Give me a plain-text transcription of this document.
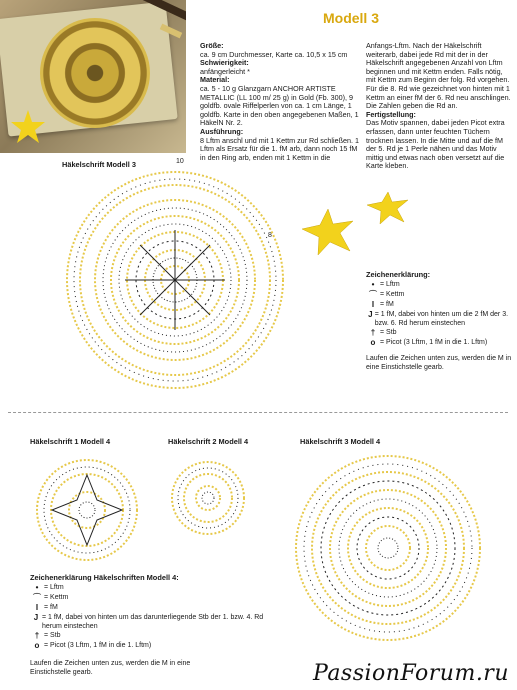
Modell 3

Größe:

ca. 9 cm Durchmesser, Karte ca. 10,5 x 15 cm

Schwierigkeit:

anfängerleicht *

Material:

ca. 5 - 10 g Glanzgarn ANCHOR ARTISTE METALLIC (LL 100 m/ 25 g) in Gold (Fb. 300), 9 goldfb. ovale Riffelperlen von ca. 1 cm Länge, 1 goldfb. Karte in den oben angegebenen Maßen, 1 HäkelN Nr. 2.

Ausführung:

8 Lftm anschl und mit 1 Kettm zur Rd schließen. 1 Lftm als Ersatz für die 1. fM arb, dann noch 15 fM in den Ring arb, enden mit 1 Kettm in die

Anfangs-Lftm. Nach der Häkelschrift weiterarb, dabei jede Rd mit der in der Häkelschrift angegebenen Anzahl von Lftm beginnen und mit Kettm enden. Falls nötig, mit Kettm zum Beginn der folg. Rd vorgehen. Für die 8. Rd wie gezeichnet von hinten mit 1 Kettm an einer fM der 6. Rd neu anschlingen. Die Zahlen geben die Rd an.

Fertigstellung:

Das Motiv spannen, dabei jeden Picot extra erfassen, dann unter feuchten Tüchern trocknen lassen. In die Mitte und auf die fM der 5. Rd je 1 Perle nähen und das Motiv mittig und etwas nach oben versetzt auf die Karte kleben.

Häkelschrift Modell 3	10
8
Zeichenerklärung:
• = Lftm
⌒ = Kettm
I = fM
J = 1 fM, dabei von hinten um die 2 fM der 3. bzw. 6. Rd herum einstechen
† = Stb
o = Picot (3 Lftm, 1 fM in die 1. Lftm)
Laufen die Zeichen unten zus, werden die M in eine Einstichstelle gearb.
Häkelschrift 1 Modell 4	Häkelschrift 2 Modell 4	Häkelschrift 3 Modell 4
Zeichenerklärung Häkelschriften Modell 4:
• = Lftm
⌒ = Kettm
I = fM
J = 1 fM, dabei von hinten um das darunterliegende Stb der 1. bzw. 4. Rd herum einstechen
† = Stb
o = Picot (3 Lftm, 1 fM in die 1. Lftm)
Laufen die Zeichen unten zus, werden die M in eine Einstichstelle gearb.	PassionForum.ru
